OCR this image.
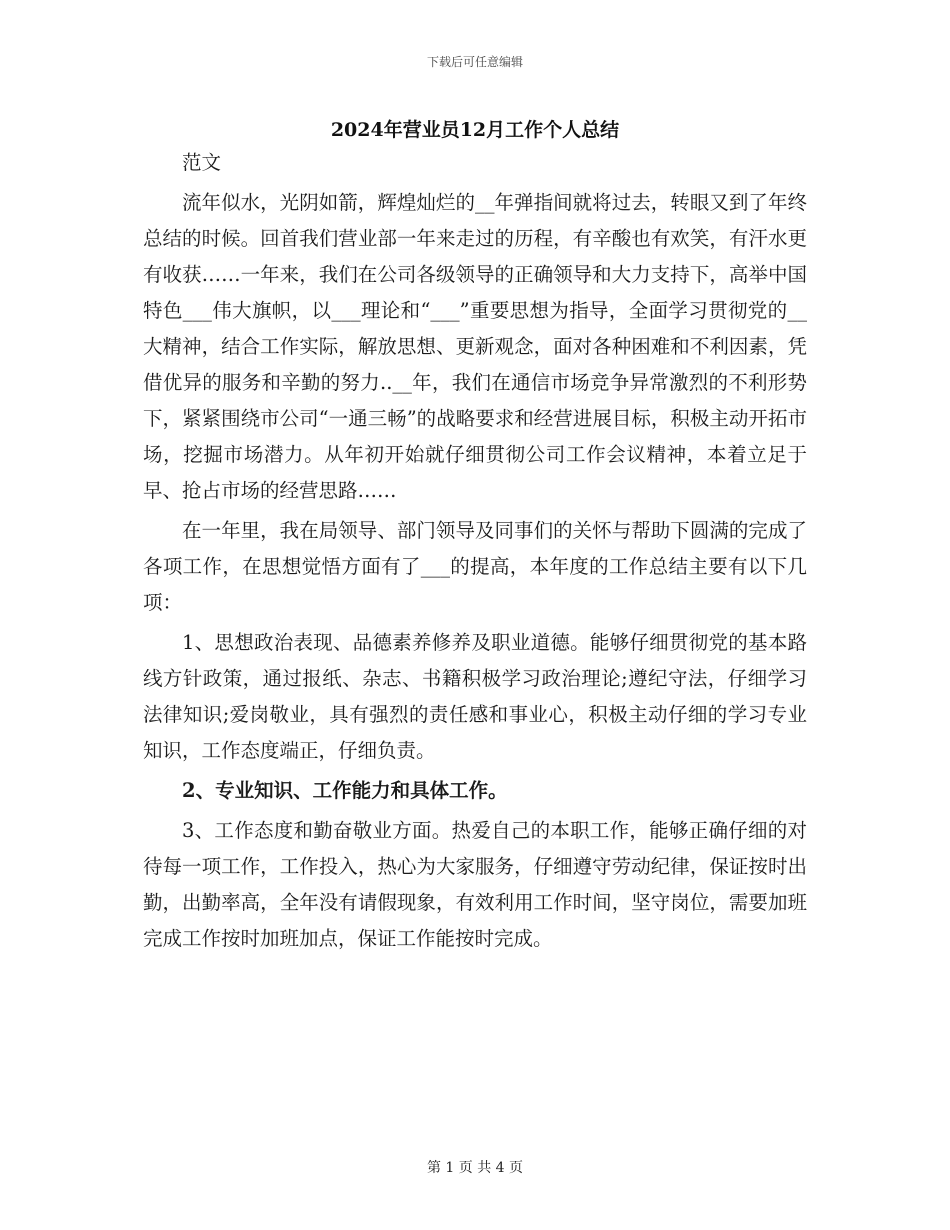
下载后可任意编辑
2024年营业员12月工作个人总结

范文

流年似水，光阴如箭，辉煌灿烂的__年弹指间就将过去，转眼又到了年终总结的时候。回首我们营业部一年来走过的历程，有辛酸也有欢笑，有汗水更有收获……一年来，我们在公司各级领导的正确领导和大力支持下，高举中国特色___伟大旗帜，以___理论和“___”重要思想为指导，全面学习贯彻党的__大精神，结合工作实际，解放思想、更新观念，面对各种困难和不利因素，凭借优异的服务和辛勤的努力..__年，我们在通信市场竞争异常激烈的不利形势下，紧紧围绕市公司“一通三畅”的战略要求和经营进展目标，积极主动开拓市场，挖掘市场潜力。从年初开始就仔细贯彻公司工作会议精神，本着立足于早、抢占市场的经营思路……

在一年里，我在局领导、部门领导及同事们的关怀与帮助下圆满的完成了各项工作，在思想觉悟方面有了___的提高，本年度的工作总结主要有以下几项：

1、思想政治表现、品德素养修养及职业道德。能够仔细贯彻党的基本路线方针政策，通过报纸、杂志、书籍积极学习政治理论;遵纪守法，仔细学习法律知识;爱岗敬业，具有强烈的责任感和事业心，积极主动仔细的学习专业知识，工作态度端正，仔细负责。

2、专业知识、工作能力和具体工作。

3、工作态度和勤奋敬业方面。热爱自己的本职工作，能够正确仔细的对待每一项工作，工作投入，热心为大家服务，仔细遵守劳动纪律，保证按时出勤，出勤率高，全年没有请假现象，有效利用工作时间，坚守岗位，需要加班完成工作按时加班加点，保证工作能按时完成。

第 1 页 共 4 页
